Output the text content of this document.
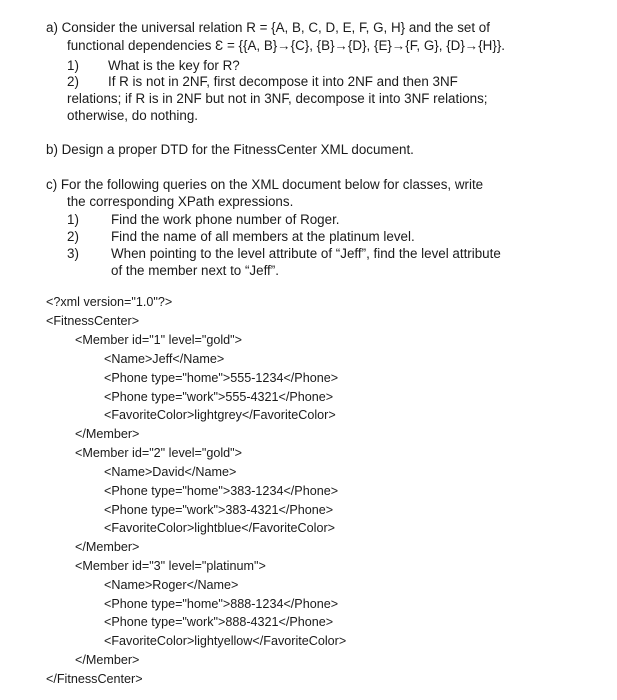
a) Consider the universal relation R = {A, B, C, D, E, F, G, H} and the set of
functional dependencies Ɛ = {{A, B}→{C}, {B}→{D}, {E}→{F, G}, {D}→{H}}.
1) What is the key for R?
2) If R is not in 2NF, first decompose it into 2NF and then 3NF
relations; if R is in 2NF but not in 3NF, decompose it into 3NF relations;
otherwise, do nothing.
b) Design a proper DTD for the FitnessCenter XML document.
c) For the following queries on the XML document below for classes, write
the corresponding XPath expressions.
1) Find the work phone number of Roger.
2) Find the name of all members at the platinum level.
3) When pointing to the level attribute of “Jeff”, find the level attribute
of the member next to “Jeff”.
<?xml version="1.0"?>
<FitnessCenter>
<Member id="1" level="gold">
<Name>Jeff</Name>
<Phone type="home">555-1234</Phone>
<Phone type="work">555-4321</Phone>
<FavoriteColor>lightgrey</FavoriteColor>
</Member>
<Member id="2" level="gold">
<Name>David</Name>
<Phone type="home">383-1234</Phone>
<Phone type="work">383-4321</Phone>
<FavoriteColor>lightblue</FavoriteColor>
</Member>
<Member id="3" level="platinum">
<Name>Roger</Name>
<Phone type="home">888-1234</Phone>
<Phone type="work">888-4321</Phone>
<FavoriteColor>lightyellow</FavoriteColor>
</Member>
</FitnessCenter>
